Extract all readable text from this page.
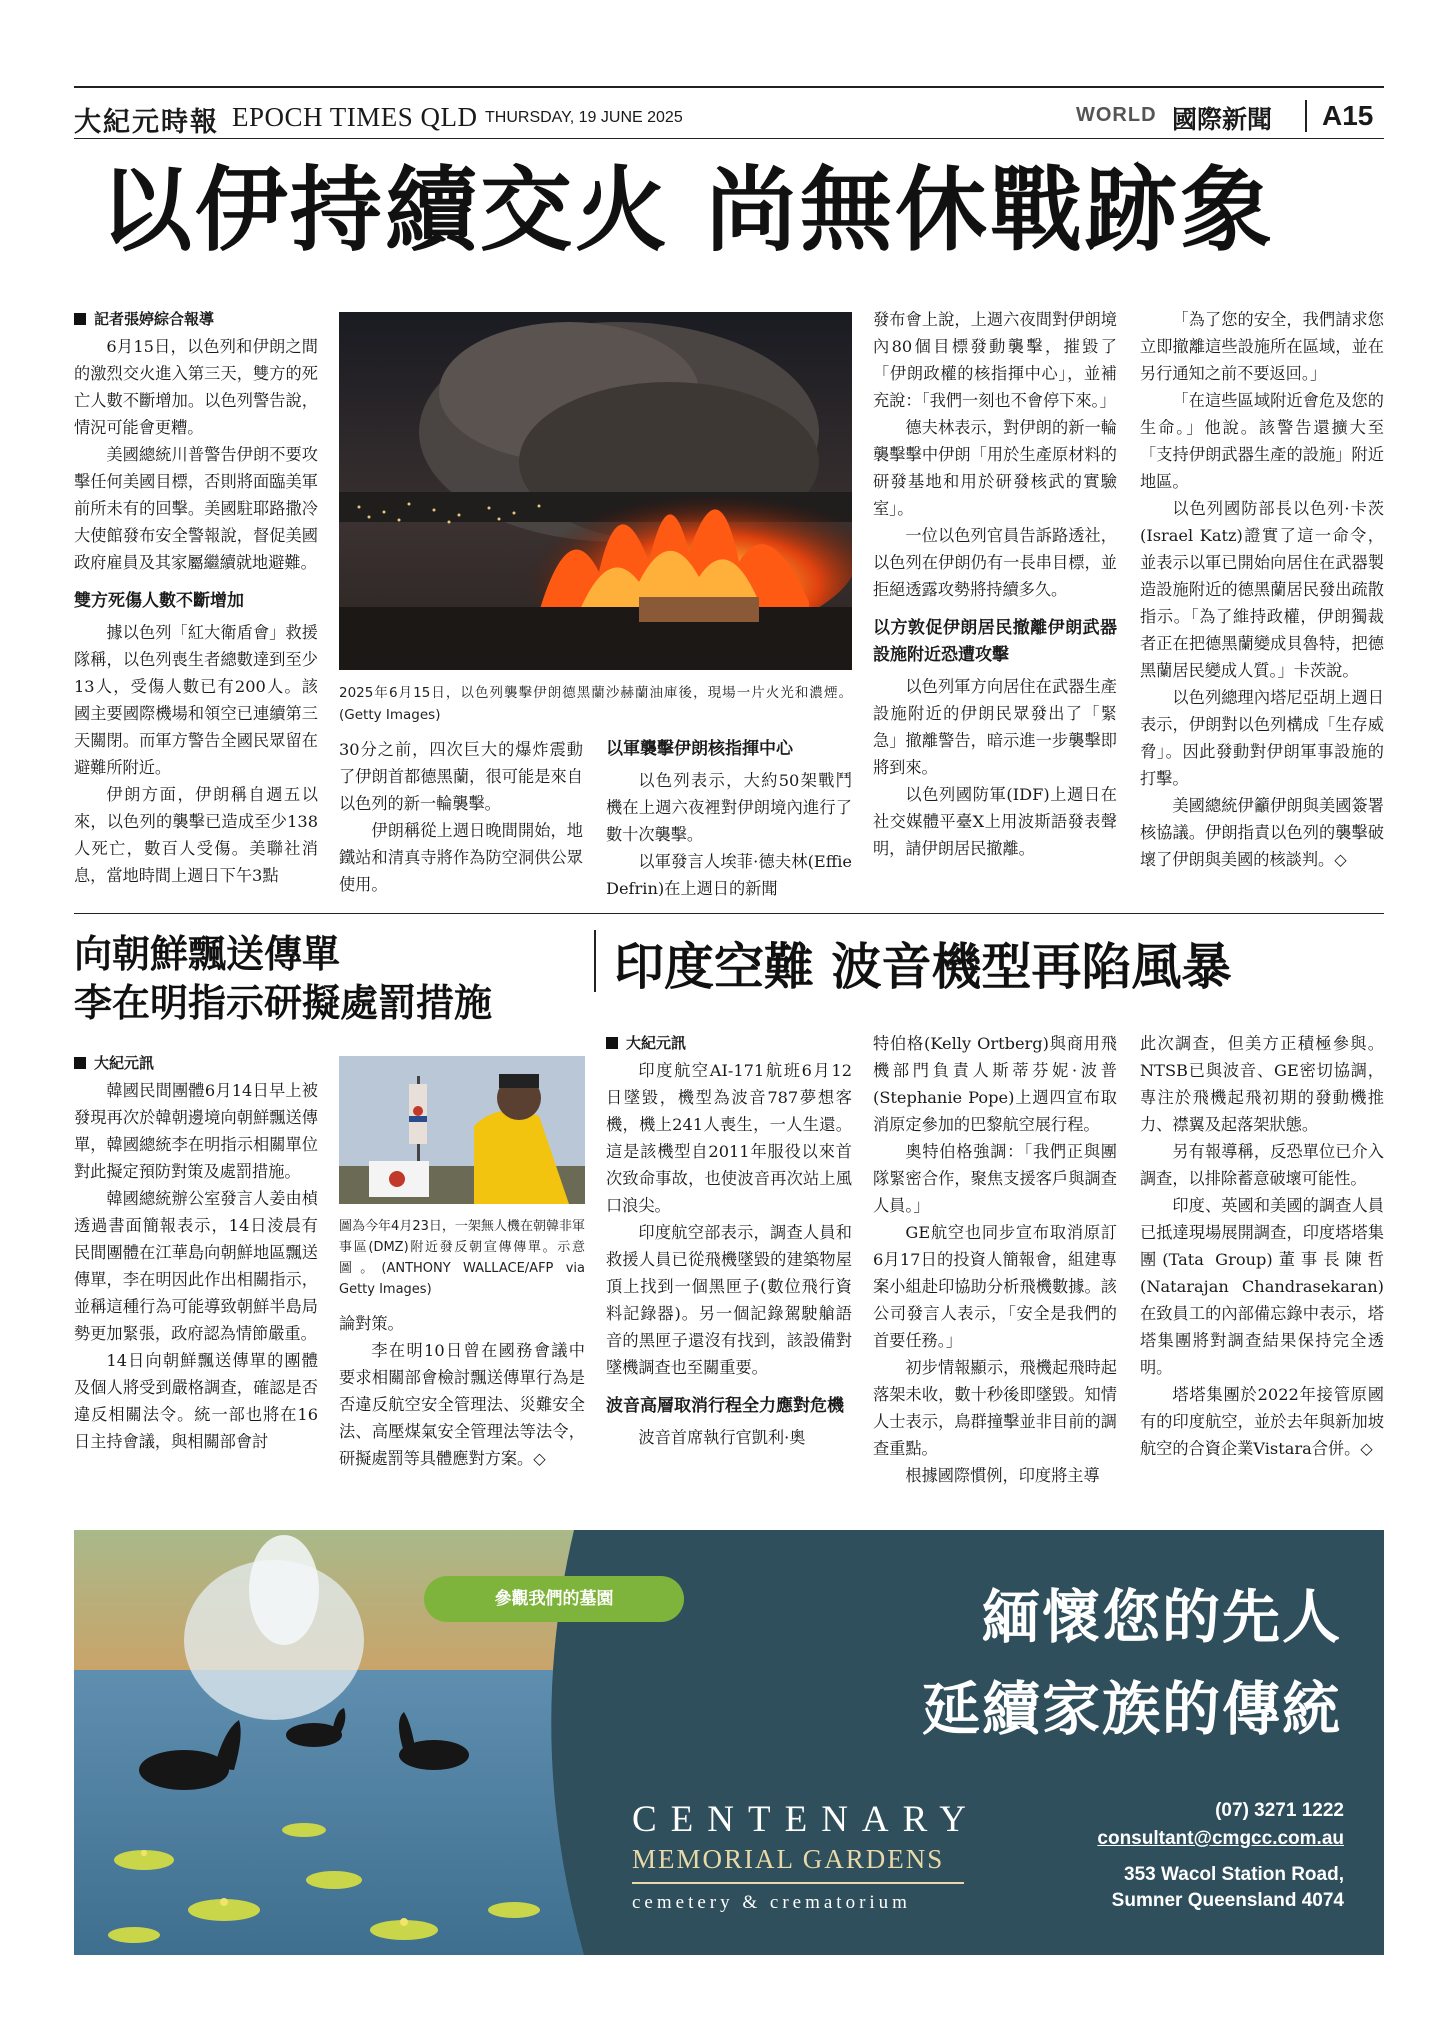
大紀元時報 EPOCH TIMES QLD THURSDAY, 19 JUNE 2025	WORLD 國際新聞 A15
以伊持續交火 尚無休戰跡象

記者張婷綜合報導

6月15日，以色列和伊朗之間的激烈交火進入第三天，雙方的死亡人數不斷增加。以色列警告說，情況可能會更糟。

美國總統川普警告伊朗不要攻擊任何美國目標，否則將面臨美軍前所未有的回擊。美國駐耶路撒冷大使館發布安全警報說，督促美國政府雇員及其家屬繼續就地避難。

雙方死傷人數不斷增加

據以色列「紅大衛盾會」救援隊稱，以色列喪生者總數達到至少13人，受傷人數已有200人。該國主要國際機場和領空已連續第三天關閉。而軍方警告全國民眾留在避難所附近。

伊朗方面，伊朗稱自週五以來，以色列的襲擊已造成至少138人死亡，數百人受傷。美聯社消息，當地時間上週日下午3點

2025年6月15日，以色列襲擊伊朗德黑蘭沙赫蘭油庫後，現場一片火光和濃煙。(Getty Images)

30分之前，四次巨大的爆炸震動了伊朗首都德黑蘭，很可能是來自以色列的新一輪襲擊。

伊朗稱從上週日晚間開始，地鐵站和清真寺將作為防空洞供公眾使用。

以軍襲擊伊朗核指揮中心

以色列表示，大約50架戰鬥機在上週六夜裡對伊朗境內進行了數十次襲擊。

以軍發言人埃菲·德夫林(Effie Defrin)在上週日的新聞

發布會上說，上週六夜間對伊朗境內80個目標發動襲擊，摧毀了「伊朗政權的核指揮中心」，並補充說：「我們一刻也不會停下來。」

德夫林表示，對伊朗的新一輪襲擊擊中伊朗「用於生產原材料的研發基地和用於研發核武的實驗室」。

一位以色列官員告訴路透社，以色列在伊朗仍有一長串目標，並拒絕透露攻勢將持續多久。

以方敦促伊朗居民撤離伊朗武器設施附近恐遭攻擊

以色列軍方向居住在武器生產設施附近的伊朗民眾發出了「緊急」撤離警告，暗示進一步襲擊即將到來。

以色列國防軍(IDF)上週日在社交媒體平臺X上用波斯語發表聲明，請伊朗居民撤離。

「為了您的安全，我們請求您立即撤離這些設施所在區域，並在另行通知之前不要返回。」

「在這些區域附近會危及您的生命。」他說。該警告還擴大至「支持伊朗武器生產的設施」附近地區。

以色列國防部長以色列·卡茨(Israel Katz)證實了這一命令，並表示以軍已開始向居住在武器製造設施附近的德黑蘭居民發出疏散指示。「為了維持政權，伊朗獨裁者正在把德黑蘭變成貝魯特，把德黑蘭居民變成人質。」卡茨說。

以色列總理內塔尼亞胡上週日表示，伊朗對以色列構成「生存威脅」。因此發動對伊朗軍事設施的打擊。

美國總統伊籲伊朗與美國簽署核協議。伊朗指責以色列的襲擊破壞了伊朗與美國的核談判。◇

向朝鮮飄送傳單
李在明指示研擬處罰措施

大紀元訊

韓國民間團體6月14日早上被發現再次於韓朝邊境向朝鮮飄送傳單，韓國總統李在明指示相關單位對此擬定預防對策及處罰措施。

韓國總統辦公室發言人姜由楨透過書面簡報表示，14日淩晨有民間團體在江華島向朝鮮地區飄送傳單，李在明因此作出相關指示，並稱這種行為可能導致朝鮮半島局勢更加緊張，政府認為情節嚴重。

14日向朝鮮飄送傳單的團體及個人將受到嚴格調查，確認是否違反相關法令。統一部也將在16日主持會議，與相關部會討

圖為今年4月23日，一架無人機在朝韓非軍事區(DMZ)附近發反朝宣傳傳單。示意圖。(ANTHONY WALLACE/AFP via Getty Images)

論對策。

李在明10日曾在國務會議中要求相關部會檢討飄送傳單行為是否違反航空安全管理法、災難安全法、高壓煤氣安全管理法等法令，研擬處罰等具體應對方案。◇

印度空難 波音機型再陷風暴

大紀元訊

印度航空AI-171航班6月12日墜毀，機型為波音787夢想客機，機上241人喪生，一人生還。這是該機型自2011年服役以來首次致命事故，也使波音再次站上風口浪尖。

印度航空部表示，調查人員和救援人員已從飛機墜毀的建築物屋頂上找到一個黑匣子(數位飛行資料記錄器)。另一個記錄駕駛艙語音的黑匣子還沒有找到，該設備對墜機調查也至關重要。

波音高層取消行程全力應對危機

波音首席執行官凱利·奧

特伯格(Kelly Ortberg)與商用飛機部門負責人斯蒂芬妮·波普(Stephanie Pope)上週四宣布取消原定參加的巴黎航空展行程。

奧特伯格強調：「我們正與團隊緊密合作，聚焦支援客戶與調查人員。」

GE航空也同步宣布取消原訂6月17日的投資人簡報會，組建專案小組赴印協助分析飛機數據。該公司發言人表示，「安全是我們的首要任務。」

初步情報顯示，飛機起飛時起落架未收，數十秒後即墜毀。知情人士表示，鳥群撞擊並非目前的調查重點。

根據國際慣例，印度將主導

此次調查，但美方正積極參與。NTSB已與波音、GE密切協調，專注於飛機起飛初期的發動機推力、襟翼及起落架狀態。

另有報導稱，反恐單位已介入調查，以排除蓄意破壞可能性。

印度、英國和美國的調查人員已抵達現場展開調查，印度塔塔集團(Tata Group)董事長陳哲(Natarajan Chandrasekaran)在致員工的內部備忘錄中表示，塔塔集團將對調查結果保持完全透明。

塔塔集團於2022年接管原國有的印度航空，並於去年與新加坡航空的合資企業Vistara合併。◇

參觀我們的墓園	緬懷您的先人
延續家族的傳統
CENTENARY
MEMORIAL GARDENS
cemetery & crematorium
(07) 3271 1222
consultant@cmgcc.com.au
353 Wacol Station Road,
Sumner Queensland 4074
